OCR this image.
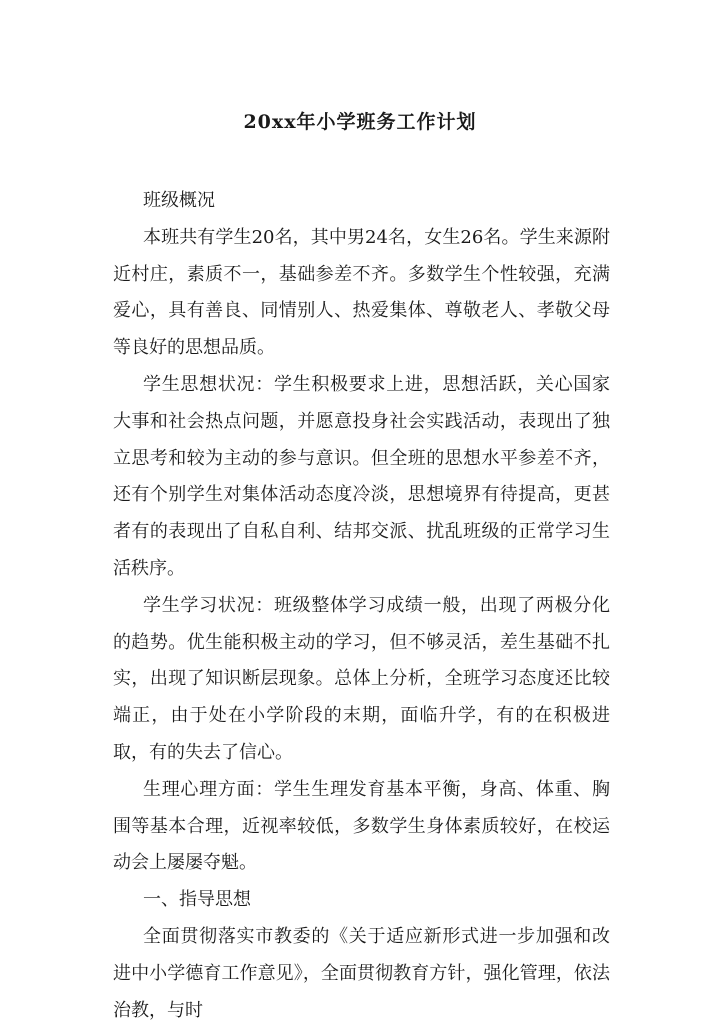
20xx年小学班务工作计划

班级概况

本班共有学生20名，其中男24名，女生26名。学生来源附近村庄，素质不一，基础参差不齐。多数学生个性较强，充满爱心，具有善良、同情别人、热爱集体、尊敬老人、孝敬父母等良好的思想品质。

学生思想状况：学生积极要求上进，思想活跃，关心国家大事和社会热点问题，并愿意投身社会实践活动，表现出了独立思考和较为主动的参与意识。但全班的思想水平参差不齐，还有个别学生对集体活动态度冷淡，思想境界有待提高，更甚者有的表现出了自私自利、结邦交派、扰乱班级的正常学习生活秩序。

学生学习状况：班级整体学习成绩一般，出现了两极分化的趋势。优生能积极主动的学习，但不够灵活，差生基础不扎实，出现了知识断层现象。总体上分析，全班学习态度还比较端正，由于处在小学阶段的末期，面临升学，有的在积极进取，有的失去了信心。

生理心理方面：学生生理发育基本平衡，身高、体重、胸围等基本合理，近视率较低，多数学生身体素质较好，在校运动会上屡屡夺魁。

一、指导思想

全面贯彻落实市教委的《关于适应新形式进一步加强和改进中小学德育工作意见》，全面贯彻教育方针，强化管理，依法治教，与时
